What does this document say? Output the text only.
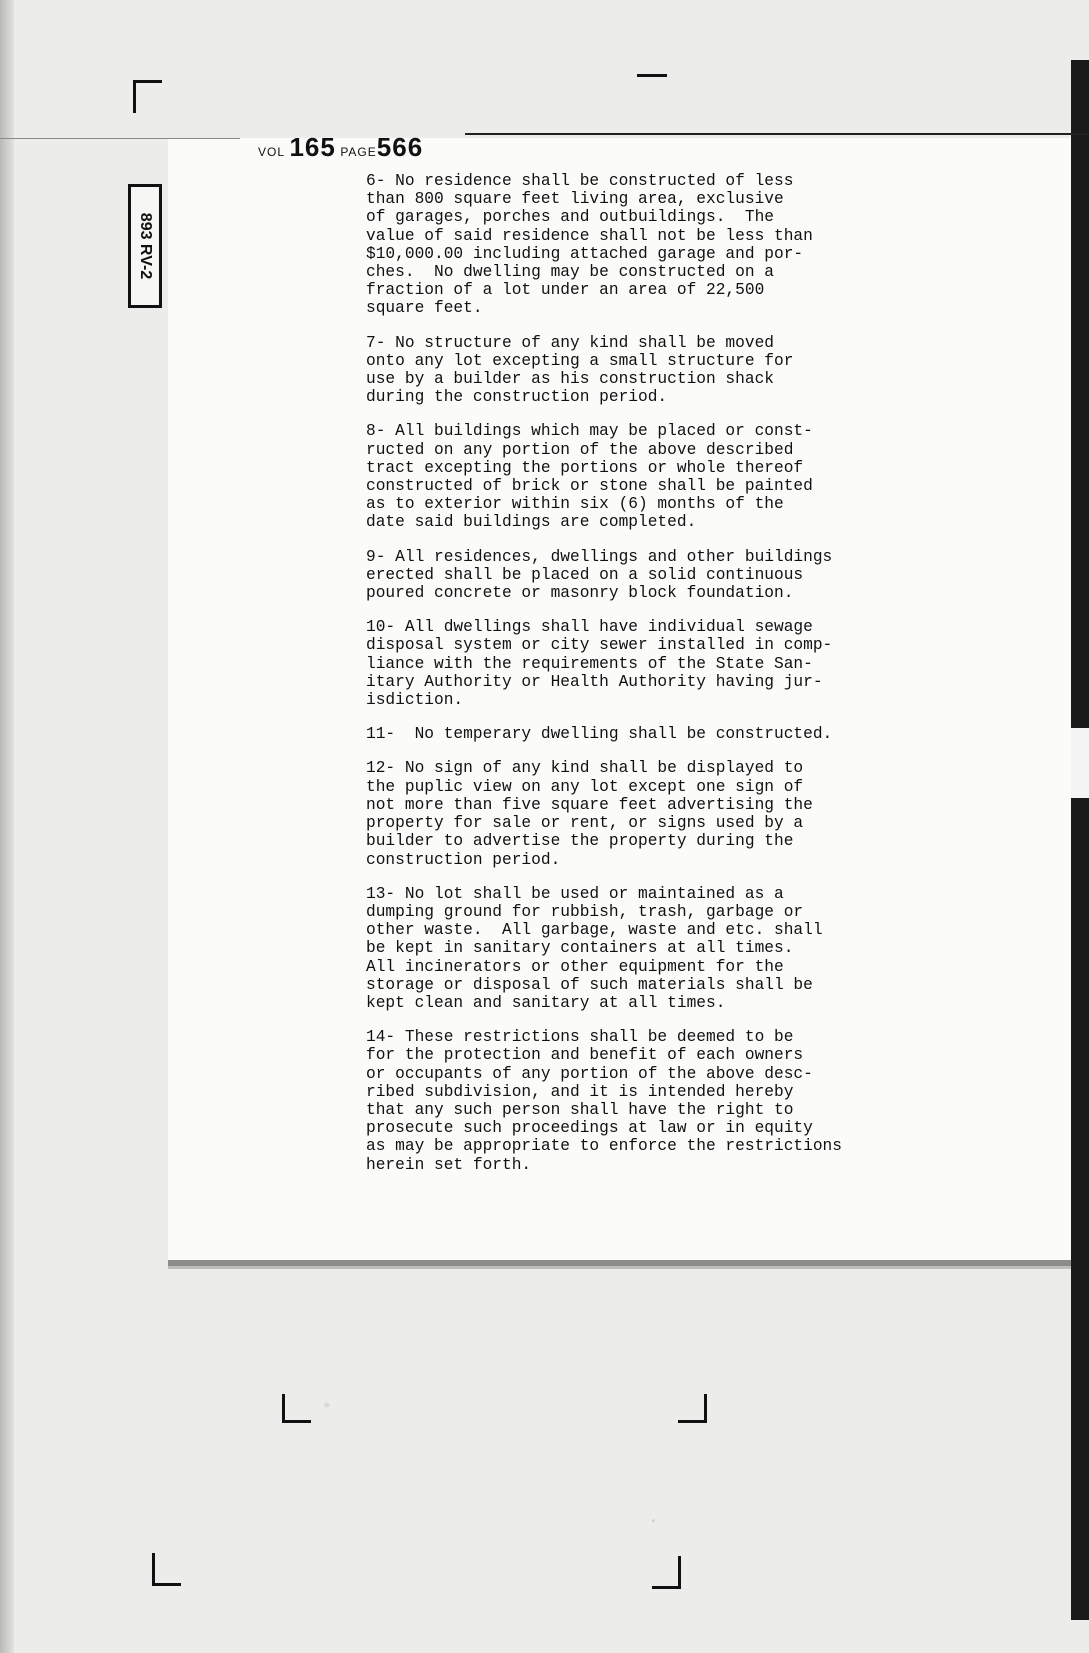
VOL 165 PAGE566
893 RV-2
6- No residence shall be constructed of less
than 800 square feet living area, exclusive
of garages, porches and outbuildings.  The
value of said residence shall not be less than
$10,000.00 including attached garage and por-
ches.  No dwelling may be constructed on a
fraction of a lot under an area of 22,500
square feet.
7- No structure of any kind shall be moved
onto any lot excepting a small structure for
use by a builder as his construction shack
during the construction period.
8- All buildings which may be placed or const-
ructed on any portion of the above described
tract excepting the portions or whole thereof
constructed of brick or stone shall be painted
as to exterior within six (6) months of the
date said buildings are completed.
9- All residences, dwellings and other buildings
erected shall be placed on a solid continuous
poured concrete or masonry block foundation.
10- All dwellings shall have individual sewage
disposal system or city sewer installed in comp-
liance with the requirements of the State San-
itary Authority or Health Authority having jur-
isdiction.
11-  No temperary dwelling shall be constructed.
12- No sign of any kind shall be displayed to
the puplic view on any lot except one sign of
not more than five square feet advertising the
property for sale or rent, or signs used by a
builder to advertise the property during the
construction period.
13- No lot shall be used or maintained as a
dumping ground for rubbish, trash, garbage or
other waste.  All garbage, waste and etc. shall
be kept in sanitary containers at all times.
All incinerators or other equipment for the
storage or disposal of such materials shall be
kept clean and sanitary at all times.
14- These restrictions shall be deemed to be
for the protection and benefit of each owners
or occupants of any portion of the above desc-
ribed subdivision, and it is intended hereby
that any such person shall have the right to
prosecute such proceedings at law or in equity
as may be appropriate to enforce the restrictions
herein set forth.
